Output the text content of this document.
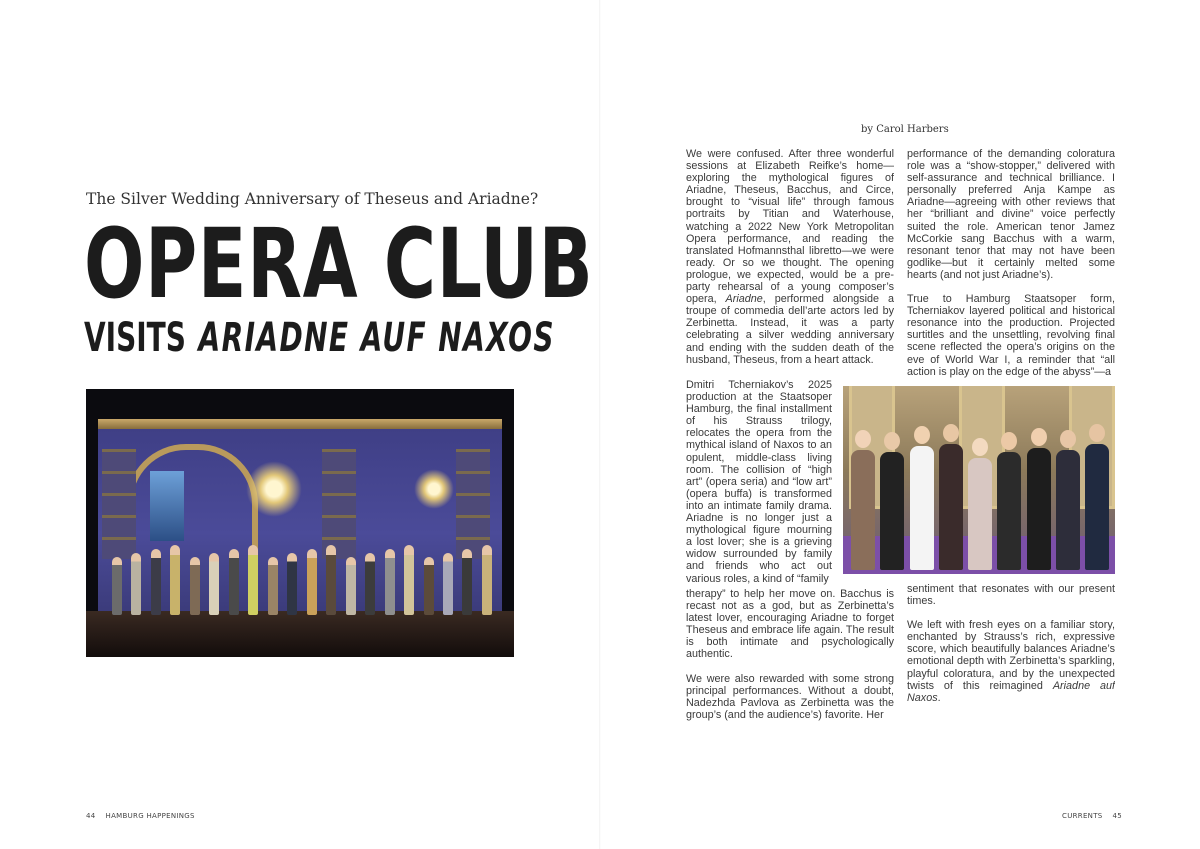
The Silver Wedding Anniversary of Theseus and Ariadne?
OPERA CLUB
VISITS ARIADNE AUF NAXOS
44 HAMBURG HAPPENINGS
by Carol Harbers

We were confused. After three wonderful sessions at Elizabeth Reifke’s home—exploring the mythological figures of Ariadne, Theseus, Bacchus, and Circe, brought to “visual life” through famous portraits by Titian and Waterhouse, watching a 2022 New York Metropolitan Opera performance, and reading the translated Hofmannsthal libretto—we were ready. Or so we thought. The opening prologue, we expected, would be a pre-party rehearsal of a young composer’s opera, Ariadne, performed alongside a troupe of commedia dell’arte actors led by Zerbinetta. Instead, it was a party celebrating a silver wedding anniversary and ending with the sudden death of the husband, Theseus, from a heart attack.

Dmitri Tcherniakov’s 2025 production at the Staatsoper Hamburg, the final installment of his Strauss trilogy, relocates the opera from the mythical island of Naxos to an opulent, middle-class living room. The collision of “high art” (opera seria) and “low art” (opera buffa) is transformed into an intimate family drama. Ariadne is no longer just a mythological figure mourning a lost lover; she is a grieving widow surrounded by family and friends who act out various roles, a kind of “family

therapy” to help her move on. Bacchus is recast not as a god, but as Zerbinetta’s latest lover, encouraging Ariadne to forget Theseus and embrace life again. The result is both intimate and psychologically authentic.

We were also rewarded with some strong principal performances. Without a doubt, Nadezhda Pavlova as Zerbinetta was the group’s (and the audience’s) favorite. Her

performance of the demanding coloratura role was a “show-stopper,” delivered with self-assurance and technical brilliance. I personally preferred Anja Kampe as Ariadne—agreeing with other reviews that her “brilliant and divine” voice perfectly suited the role. American tenor Jamez McCorkie sang Bacchus with a warm, resonant tenor that may not have been godlike—but it certainly melted some hearts (and not just Ariadne’s).

True to Hamburg Staatsoper form, Tcherniakov layered political and historical resonance into the production. Projected surtitles and the unsettling, revolving final scene reflected the opera’s origins on the eve of World War I, a reminder that “all action is play on the edge of the abyss”—a

sentiment that resonates with our present times.

We left with fresh eyes on a familiar story, enchanted by Strauss’s rich, expressive score, which beautifully balances Ariadne’s emotional depth with Zerbinetta’s sparkling, playful coloratura, and by the unexpected twists of this reimagined Ariadne auf Naxos.

CURRENTS 45
